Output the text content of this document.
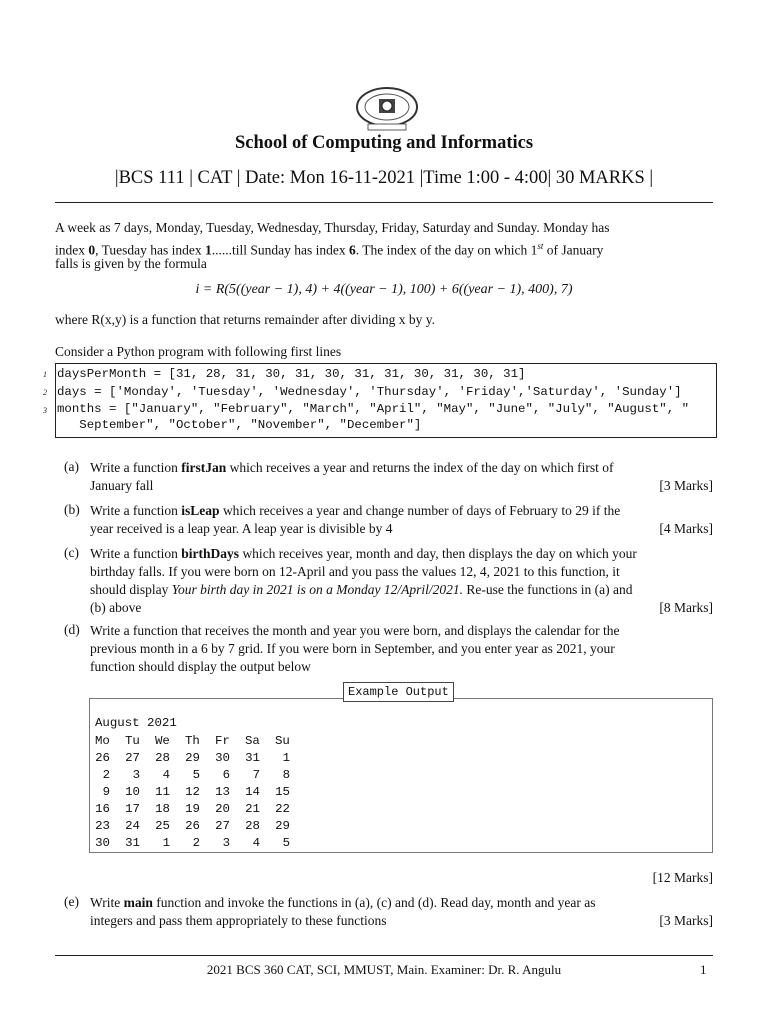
School of Computing and Informatics
|BCS 111 | CAT | Date: Mon 16-11-2021 |Time 1:00 - 4:00| 30 MARKS |
A week as 7 days, Monday, Tuesday, Wednesday, Thursday, Friday, Saturday and Sunday. Monday has
index 0, Tuesday has index 1......till Sunday has index 6. The index of the day on which 1st of January
falls is given by the formula
i = R(5((year − 1), 4) + 4((year − 1), 100) + 6((year − 1), 400), 7)
where R(x,y) is a function that returns remainder after dividing x by y.
Consider a Python program with following first lines
1 daysPerMonth = [31, 28, 31, 30, 31, 30, 31, 31, 30, 31, 30, 31]
2 days = ['Monday', 'Tuesday', 'Wednesday', 'Thursday', 'Friday','Saturday', 'Sunday']
3 months = ["January", "February", "March", "April", "May", "June", "July", "August", "
September", "October", "November", "December"]
(a) Write a function firstJan which receives a year and returns the index of the day on which first of
January fall	[3 Marks]
(b) Write a function isLeap which receives a year and change number of days of February to 29 if the
year received is a leap year. A leap year is divisible by 4	[4 Marks]
(c) Write a function birthDays which receives year, month and day, then displays the day on which your
birthday falls. If you were born on 12-April and you pass the values 12, 4, 2021 to this function, it
should display Your birth day in 2021 is on a Monday 12/April/2021. Re-use the functions in (a) and
(b) above	[8 Marks]
(d) Write a function that receives the month and year you were born, and displays the calendar for the
previous month in a 6 by 7 grid. If you were born in September, and you enter year as 2021, your
function should display the output below
Example Output
August 2021
Mo	Tu	We	Th	Fr	Sa	Su
26	27	28	29	30	31	1
2	3	4	5	6	7	8
9	10	11	12	13	14	15
16	17	18	19	20	21	22
23	24	25	26	27	28	29
30	31	1	2	3	4	5
[12 Marks]
(e) Write main function and invoke the functions in (a), (c) and (d). Read day, month and year as
integers and pass them appropriately to these functions	[3 Marks]
2021 BCS 360 CAT, SCI, MMUST, Main. Examiner: Dr. R. Angulu	1
